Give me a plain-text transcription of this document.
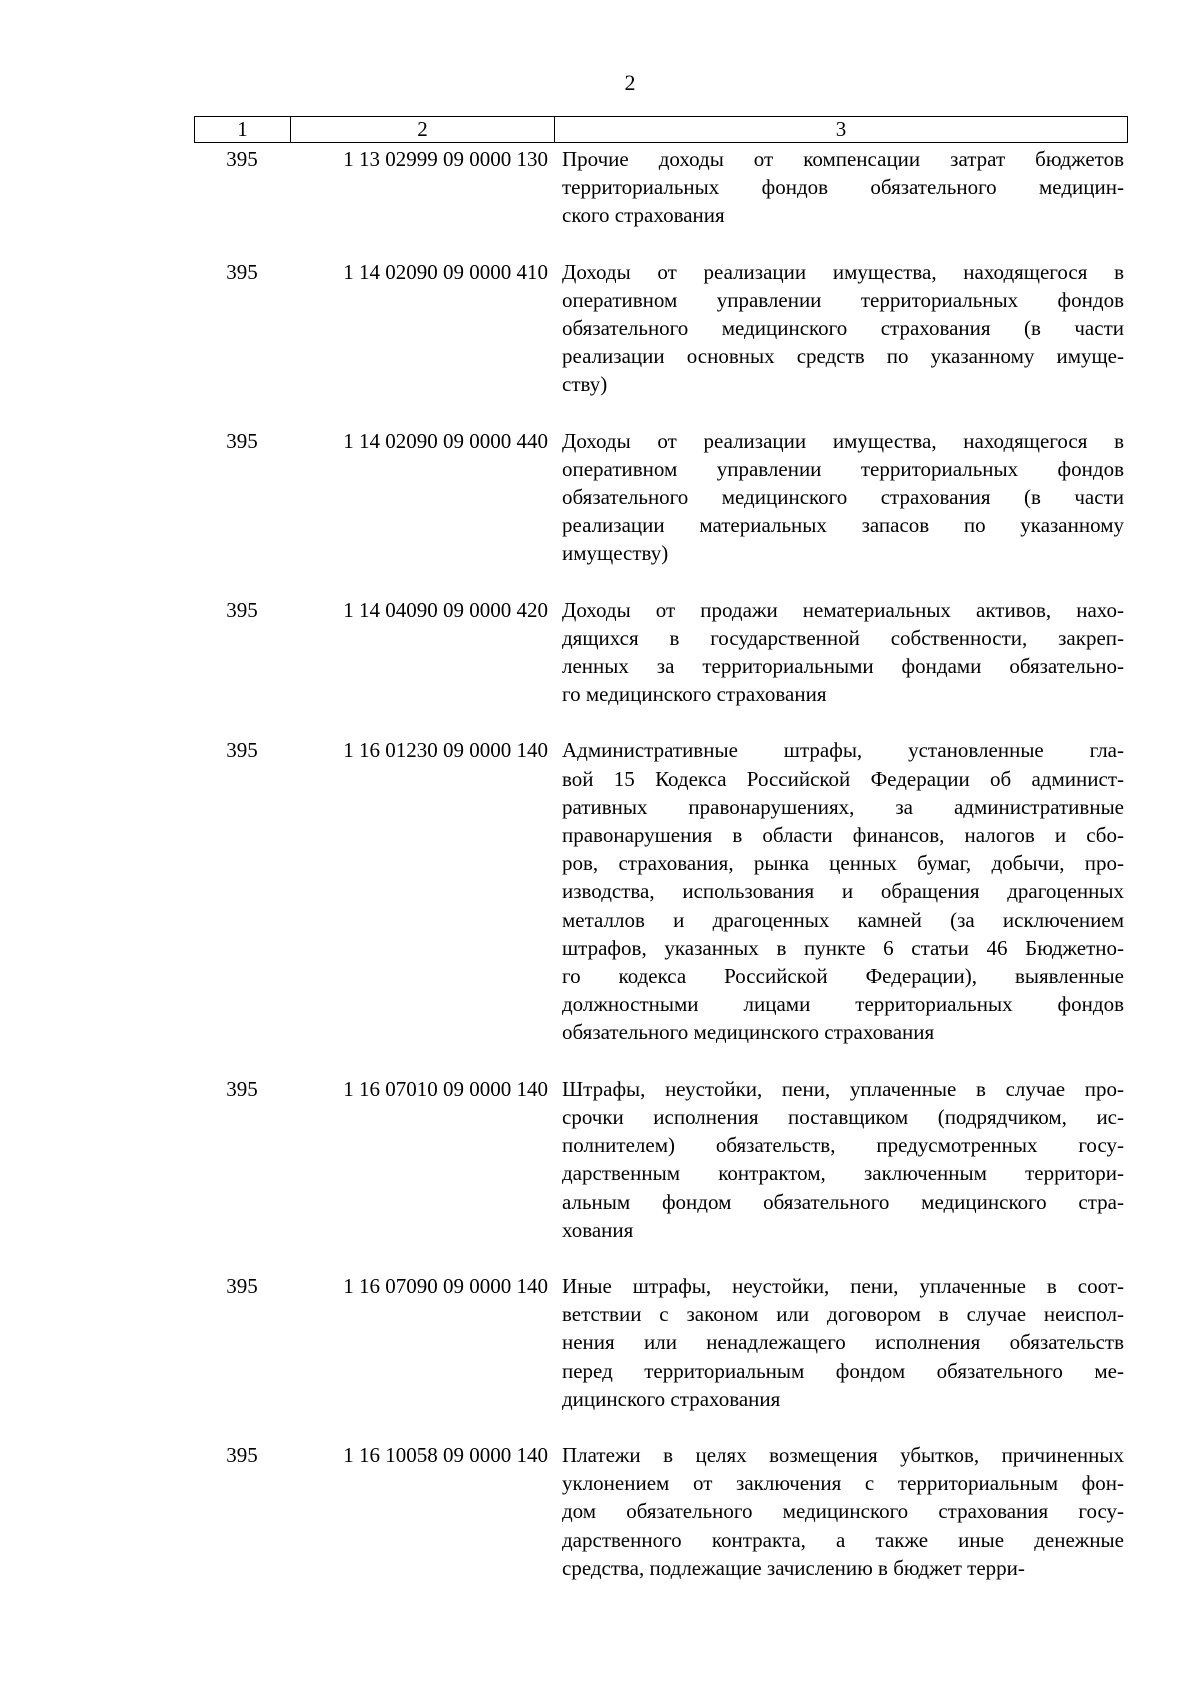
2
1	2	3
395	1 13 02999 09 0000 130 Прочие доходы от компенсации затрат бюджетов
территориальных фондов обязательного медицин-
ского страхования
395	1 14 02090 09 0000 410 Доходы от реализации имущества, находящегося в
оперативном управлении территориальных фондов
обязательного медицинского страхования (в части
реализации основных средств по указанному имуще-
ству)
395	1 14 02090 09 0000 440 Доходы от реализации имущества, находящегося в
оперативном управлении территориальных фондов
обязательного медицинского страхования (в части
реализации материальных запасов по указанному
имуществу)
395	1 14 04090 09 0000 420 Доходы от продажи нематериальных активов, нахо-
дящихся в государственной собственности, закреп-
ленных за территориальными фондами обязательно-
го медицинского страхования
395	1 16 01230 09 0000 140 Административные штрафы, установленные гла-
вой 15 Кодекса Российской Федерации об админист-
ративных правонарушениях, за административные
правонарушения в области финансов, налогов и сбо-
ров, страхования, рынка ценных бумаг, добычи, про-
изводства, использования и обращения драгоценных
металлов и драгоценных камней (за исключением
штрафов, указанных в пункте 6 статьи 46 Бюджетно-
го кодекса Российской Федерации), выявленные
должностными лицами территориальных фондов
обязательного медицинского страхования
395	1 16 07010 09 0000 140 Штрафы, неустойки, пени, уплаченные в случае про-
срочки исполнения поставщиком (подрядчиком, ис-
полнителем) обязательств, предусмотренных госу-
дарственным контрактом, заключенным территори-
альным фондом обязательного медицинского стра-
хования
395	1 16 07090 09 0000 140 Иные штрафы, неустойки, пени, уплаченные в соот-
ветствии с законом или договором в случае неиспол-
нения или ненадлежащего исполнения обязательств
перед территориальным фондом обязательного ме-
дицинского страхования
395	1 16 10058 09 0000 140 Платежи в целях возмещения убытков, причиненных
уклонением от заключения с территориальным фон-
дом обязательного медицинского страхования госу-
дарственного контракта, а также иные денежные
средства, подлежащие зачислению в бюджет терри-
